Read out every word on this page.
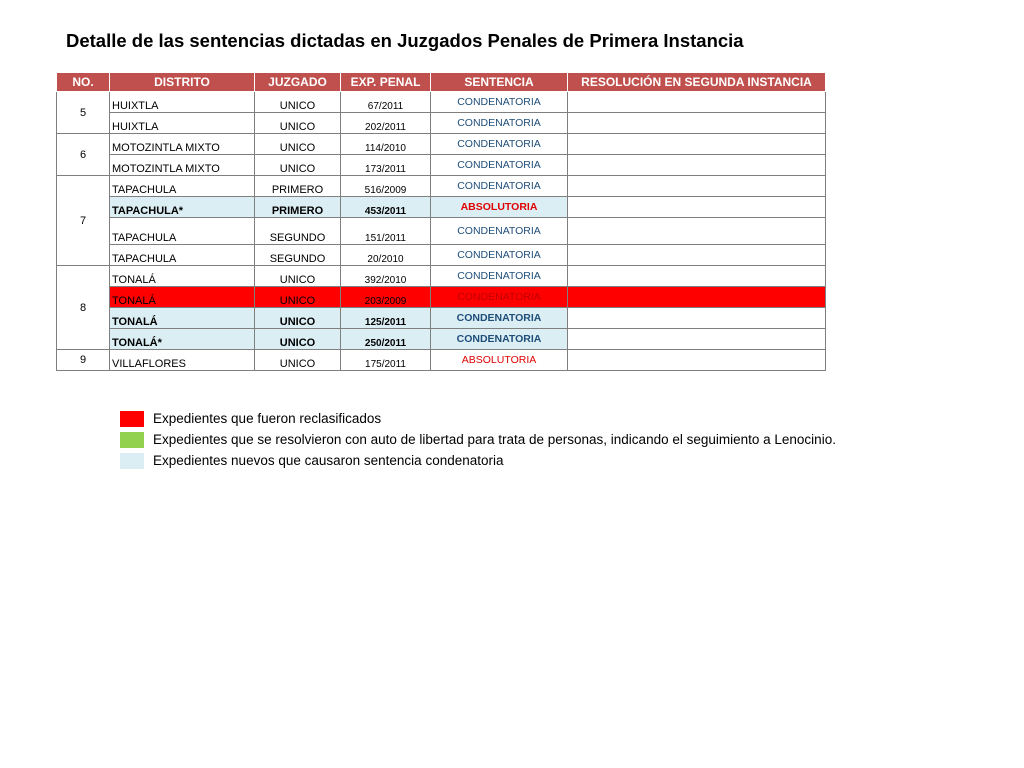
Detalle de las sentencias dictadas en Juzgados Penales de Primera Instancia
NO.	DISTRITO	JUZGADO	EXP. PENAL	SENTENCIA	RESOLUCIÓN EN SEGUNDA INSTANCIA
5	HUIXTLA	UNICO	67/2011	CONDENATORIA	
	HUIXTLA	UNICO	202/2011	CONDENATORIA	
6	MOTOZINTLA MIXTO	UNICO	114/2010	CONDENATORIA	
	MOTOZINTLA MIXTO	UNICO	173/2011	CONDENATORIA	
7	TAPACHULA	PRIMERO	516/2009	CONDENATORIA	
	TAPACHULA*	PRIMERO	453/2011	ABSOLUTORIA	
	TAPACHULA	SEGUNDO	151/2011	CONDENATORIA	
	TAPACHULA	SEGUNDO	20/2010	CONDENATORIA	
8	TONALÁ	UNICO	392/2010	CONDENATORIA	
	TONALÁ	UNICO	203/2009	CONDENATORIA	
	TONALÁ	UNICO	125/2011	CONDENATORIA	
	TONALÁ*	UNICO	250/2011	CONDENATORIA	
9	VILLAFLORES	UNICO	175/2011	ABSOLUTORIA	
Expedientes que fueron reclasificados
Expedientes que se resolvieron con auto de libertad para trata de personas, indicando el seguimiento a Lenocinio.
Expedientes nuevos que causaron sentencia condenatoria
